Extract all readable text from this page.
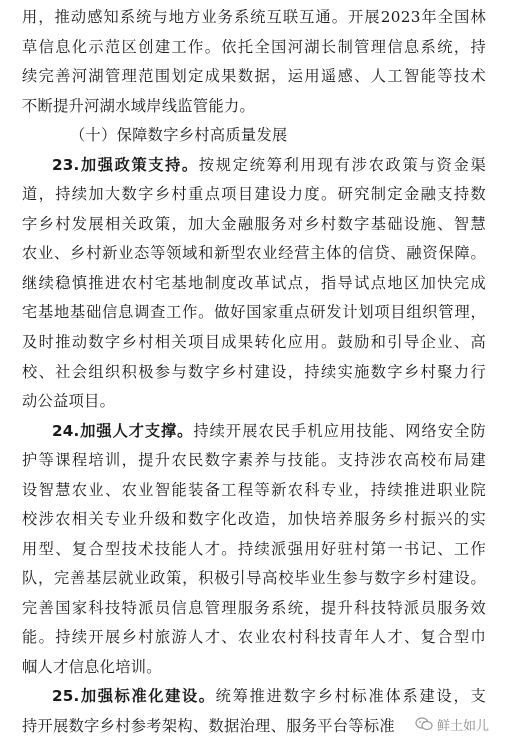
用，推动感知系统与地方业务系统互联互通。开展2023年全国林
草信息化示范区创建工作。依托全国河湖长制管理信息系统，持
续完善河湖管理范围划定成果数据，运用遥感、人工智能等技术
不断提升河湖水域岸线监管能力。
（十）保障数字乡村高质量发展
23.加强政策支持。按规定统筹利用现有涉农政策与资金渠
道，持续加大数字乡村重点项目建设力度。研究制定金融支持数
字乡村发展相关政策，加大金融服务对乡村数字基础设施、智慧
农业、乡村新业态等领域和新型农业经营主体的信贷、融资保障。
继续稳慎推进农村宅基地制度改革试点，指导试点地区加快完成
宅基地基础信息调查工作。做好国家重点研发计划项目组织管理，
及时推动数字乡村相关项目成果转化应用。鼓励和引导企业、高
校、社会组织积极参与数字乡村建设，持续实施数字乡村聚力行
动公益项目。
24.加强人才支撑。持续开展农民手机应用技能、网络安全防
护等课程培训，提升农民数字素养与技能。支持涉农高校布局建
设智慧农业、农业智能装备工程等新农科专业，持续推进职业院
校涉农相关专业升级和数字化改造，加快培养服务乡村振兴的实
用型、复合型技术技能人才。持续派强用好驻村第一书记、工作
队，完善基层就业政策，积极引导高校毕业生参与数字乡村建设。
完善国家科技特派员信息管理服务系统，提升科技特派员服务效
能。持续开展乡村旅游人才、农业农村科技青年人才、复合型巾
帼人才信息化培训。
25.加强标准化建设。统筹推进数字乡村标准体系建设，支
持开展数字乡村参考架构、数据治理、服务平台等标准	鲜土如儿
